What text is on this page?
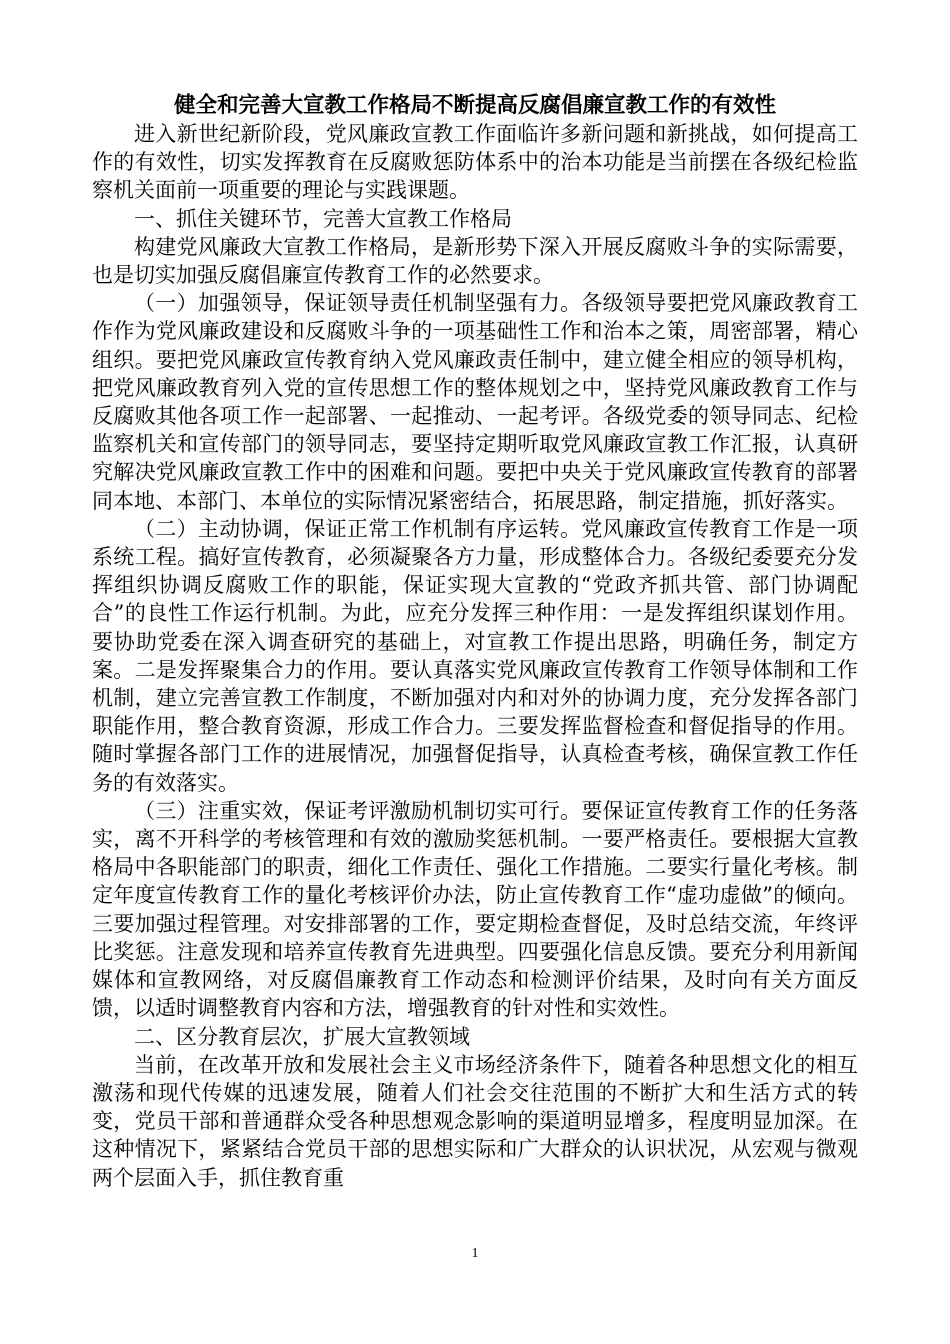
健全和完善大宣教工作格局不断提高反腐倡廉宣教工作的有效性

进入新世纪新阶段，党风廉政宣教工作面临许多新问题和新挑战，如何提高工作的有效性，切实发挥教育在反腐败惩防体系中的治本功能是当前摆在各级纪检监察机关面前一项重要的理论与实践课题。

一、抓住关键环节，完善大宣教工作格局

构建党风廉政大宣教工作格局，是新形势下深入开展反腐败斗争的实际需要，也是切实加强反腐倡廉宣传教育工作的必然要求。

（一）加强领导，保证领导责任机制坚强有力。各级领导要把党风廉政教育工作作为党风廉政建设和反腐败斗争的一项基础性工作和治本之策，周密部署，精心组织。要把党风廉政宣传教育纳入党风廉政责任制中，建立健全相应的领导机构，把党风廉政教育列入党的宣传思想工作的整体规划之中，坚持党风廉政教育工作与反腐败其他各项工作一起部署、一起推动、一起考评。各级党委的领导同志、纪检监察机关和宣传部门的领导同志，要坚持定期听取党风廉政宣教工作汇报，认真研究解决党风廉政宣教工作中的困难和问题。要把中央关于党风廉政宣传教育的部署同本地、本部门、本单位的实际情况紧密结合，拓展思路，制定措施，抓好落实。

（二）主动协调，保证正常工作机制有序运转。党风廉政宣传教育工作是一项系统工程。搞好宣传教育，必须凝聚各方力量，形成整体合力。各级纪委要充分发挥组织协调反腐败工作的职能，保证实现大宣教的“党政齐抓共管、部门协调配合”的良性工作运行机制。为此，应充分发挥三种作用：一是发挥组织谋划作用。要协助党委在深入调查研究的基础上，对宣教工作提出思路，明确任务，制定方案。二是发挥聚集合力的作用。要认真落实党风廉政宣传教育工作领导体制和工作机制，建立完善宣教工作制度，不断加强对内和对外的协调力度，充分发挥各部门职能作用，整合教育资源，形成工作合力。三要发挥监督检查和督促指导的作用。随时掌握各部门工作的进展情况，加强督促指导，认真检查考核，确保宣教工作任务的有效落实。

（三）注重实效，保证考评激励机制切实可行。要保证宣传教育工作的任务落实，离不开科学的考核管理和有效的激励奖惩机制。一要严格责任。要根据大宣教格局中各职能部门的职责，细化工作责任、强化工作措施。二要实行量化考核。制定年度宣传教育工作的量化考核评价办法，防止宣传教育工作“虚功虚做”的倾向。三要加强过程管理。对安排部署的工作，要定期检查督促，及时总结交流，年终评比奖惩。注意发现和培养宣传教育先进典型。四要强化信息反馈。要充分利用新闻媒体和宣教网络，对反腐倡廉教育工作动态和检测评价结果，及时向有关方面反馈，以适时调整教育内容和方法，增强教育的针对性和实效性。

二、区分教育层次，扩展大宣教领域

当前，在改革开放和发展社会主义市场经济条件下，随着各种思想文化的相互激荡和现代传媒的迅速发展，随着人们社会交往范围的不断扩大和生活方式的转变，党员干部和普通群众受各种思想观念影响的渠道明显增多，程度明显加深。在这种情况下，紧紧结合党员干部的思想实际和广大群众的认识状况，从宏观与微观两个层面入手，抓住教育重

1
